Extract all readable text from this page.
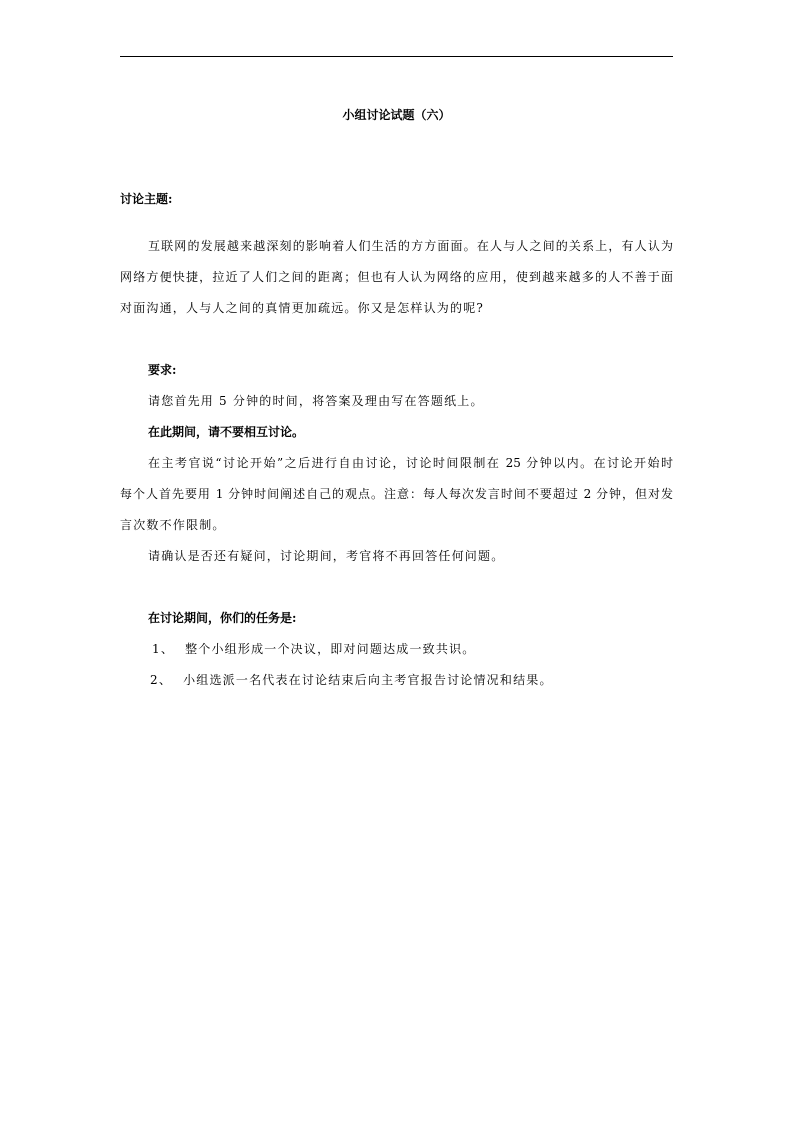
小组讨论试题（六）
讨论主题:
互联网的发展越来越深刻的影响着人们生活的方方面面。在人与人之间的关系上，有人认为
网络方便快捷，拉近了人们之间的距离；但也有人认为网络的应用，使到越来越多的人不善于面
对面沟通，人与人之间的真情更加疏远。你又是怎样认为的呢?
要求:
请您首先用 5 分钟的时间，将答案及理由写在答题纸上。
在此期间，请不要相互讨论。
在主考官说“讨论开始”之后进行自由讨论，讨论时间限制在 25 分钟以内。在讨论开始时
每个人首先要用 1 分钟时间阐述自己的观点。注意：每人每次发言时间不要超过 2 分钟，但对发
言次数不作限制。
请确认是否还有疑问，讨论期间，考官将不再回答任何问题。
在讨论期间，你们的任务是:
1、 整个小组形成一个决议，即对问题达成一致共识。
2、 小组选派一名代表在讨论结束后向主考官报告讨论情况和结果。
